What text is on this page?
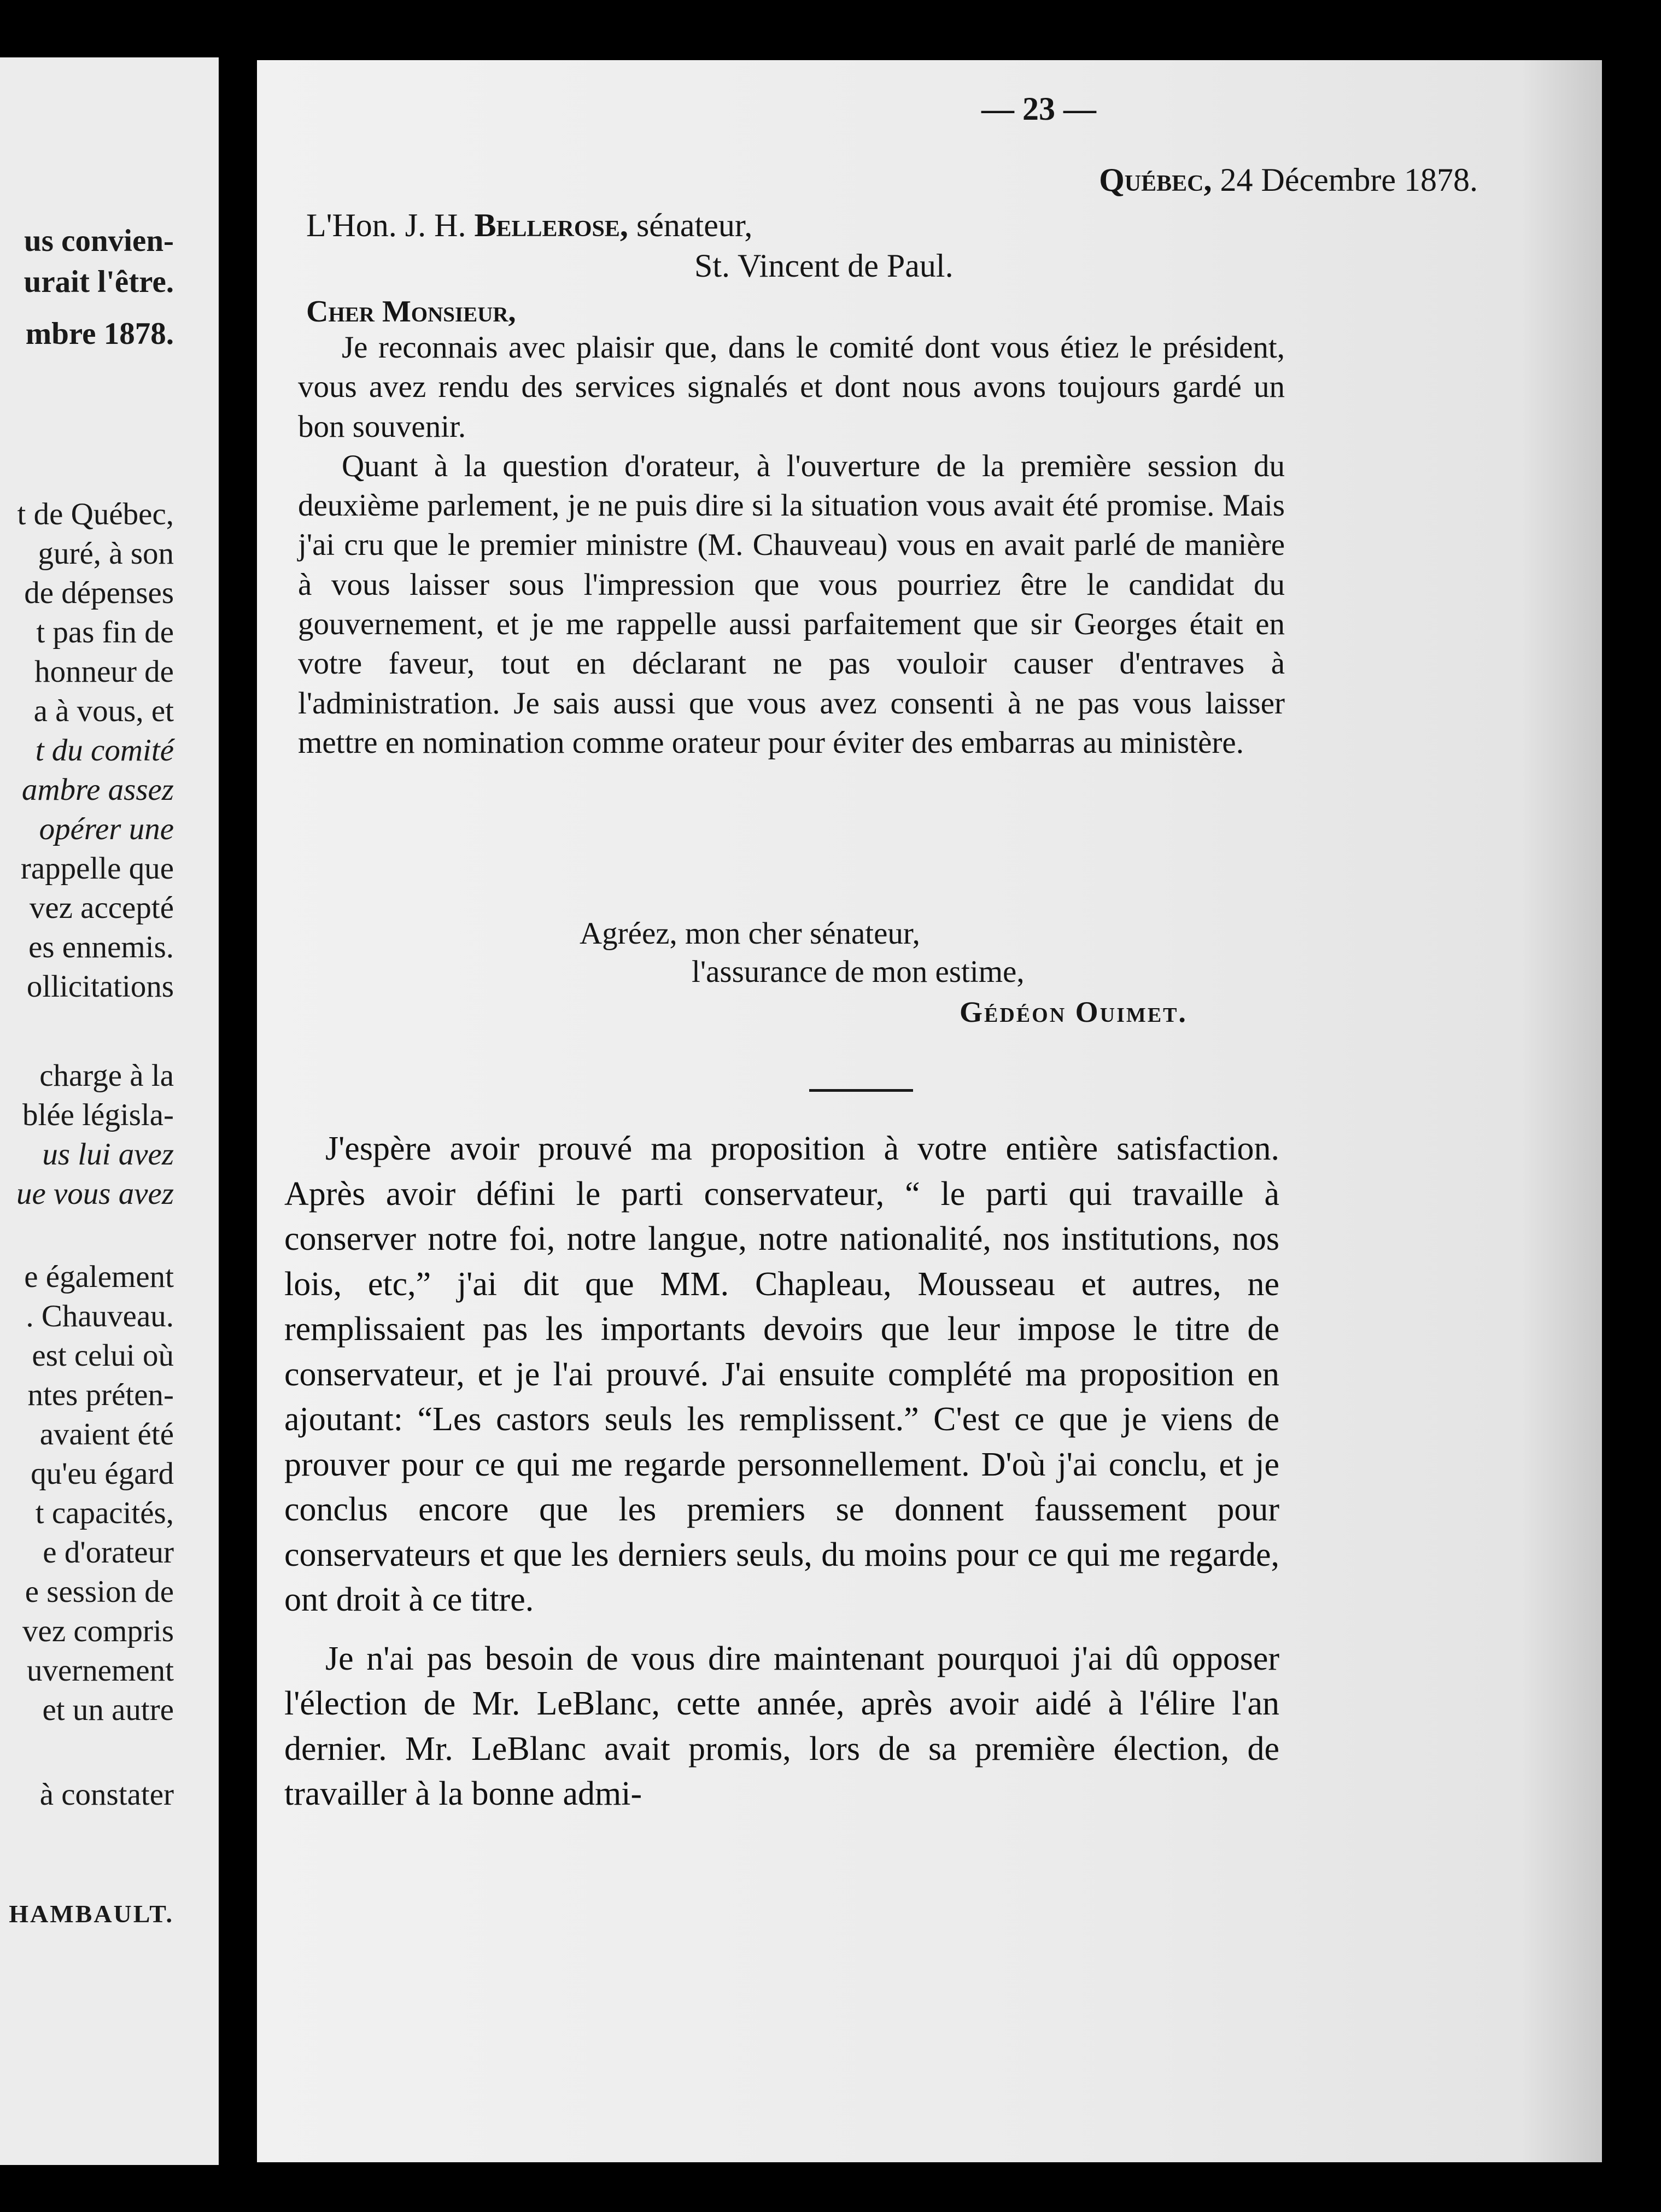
us convien-
urait l'être.
mbre 1878.
t de Québec,
guré, à son
de dépenses
t pas fin de
honneur de
a à vous, et
t du comité
ambre assez
opérer une
rappelle que
vez accepté
es ennemis.
ollicitations
charge à la
blée législa-
us lui avez
ue vous avez
e également
. Chauveau.
est celui où
ntes préten-
avaient été
qu'eu égard
t capacités,
e d'orateur
e session de
vez compris
uvernement
et un autre
à constater
HAMBAULT.
— 23 —
Québec, 24 Décembre 1878.
L'Hon. J. H. Bellerose, sénateur,
St. Vincent de Paul.
Cher Monsieur,

Je reconnais avec plaisir que, dans le comité dont vous étiez le président, vous avez rendu des services signalés et dont nous avons toujours gardé un bon souvenir.

Quant à la question d'orateur, à l'ouverture de la première session du deuxième parlement, je ne puis dire si la situation vous avait été promise. Mais j'ai cru que le premier ministre (M. Chauveau) vous en avait parlé de manière à vous laisser sous l'impression que vous pourriez être le candidat du gouvernement, et je me rappelle aussi parfaitement que sir Georges était en votre faveur, tout en déclarant ne pas vouloir causer d'entraves à l'administration. Je sais aussi que vous avez consenti à ne pas vous laisser mettre en nomination comme orateur pour éviter des embarras au ministère.

Agréez, mon cher sénateur,
l'assurance de mon estime,
Gédéon Ouimet.

J'espère avoir prouvé ma proposition à votre entière satisfaction. Après avoir défini le parti conservateur, “ le parti qui travaille à conserver notre foi, notre langue, notre nationalité, nos institutions, nos lois, etc,” j'ai dit que MM. Chapleau, Mousseau et autres, ne remplissaient pas les importants devoirs que leur impose le titre de conservateur, et je l'ai prouvé. J'ai ensuite complété ma proposition en ajoutant: “Les castors seuls les remplissent.” C'est ce que je viens de prouver pour ce qui me regarde personnellement. D'où j'ai conclu, et je conclus encore que les premiers se donnent faussement pour conservateurs et que les derniers seuls, du moins pour ce qui me regarde, ont droit à ce titre.

Je n'ai pas besoin de vous dire maintenant pourquoi j'ai dû opposer l'élection de Mr. LeBlanc, cette année, après avoir aidé à l'élire l'an dernier. Mr. LeBlanc avait promis, lors de sa première élection, de travailler à la bonne admi-
